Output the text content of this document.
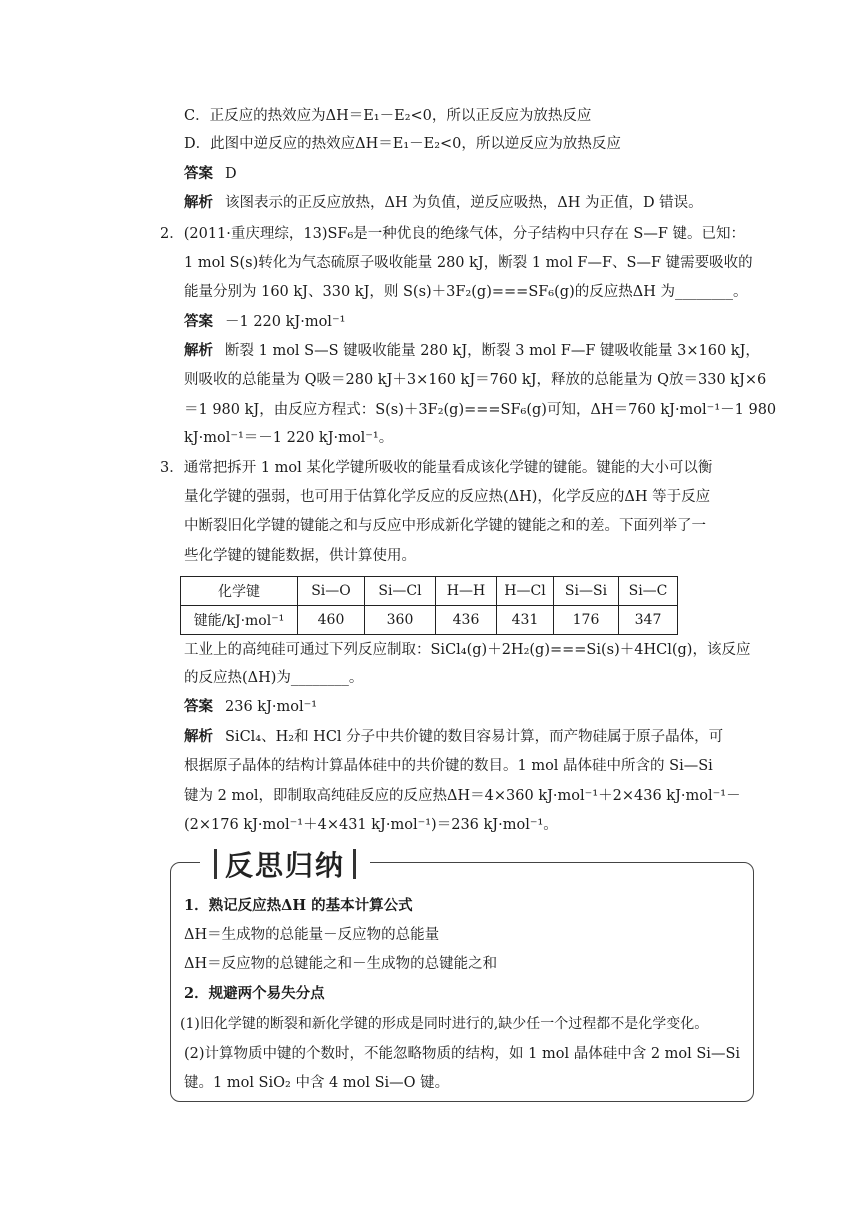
C．正反应的热效应为ΔH＝E₁－E₂<0，所以正反应为放热反应
D．此图中逆反应的热效应ΔH＝E₁－E₂<0，所以逆反应为放热反应
答案 D
解析 该图表示的正反应放热，ΔH 为负值，逆反应吸热，ΔH 为正值，D 错误。
2．(2011·重庆理综，13)SF₆是一种优良的绝缘气体，分子结构中只存在 S—F 键。已知：
1 mol S(s)转化为气态硫原子吸收能量 280 kJ，断裂 1 mol F—F、S—F 键需要吸收的
能量分别为 160 kJ、330 kJ，则 S(s)＋3F₂(g)===SF₆(g)的反应热ΔH 为________。
答案 －1 220 kJ·mol⁻¹
解析 断裂 1 mol S—S 键吸收能量 280 kJ，断裂 3 mol F—F 键吸收能量 3×160 kJ，
则吸收的总能量为 Q吸＝280 kJ＋3×160 kJ＝760 kJ，释放的总能量为 Q放＝330 kJ×6
＝1 980 kJ，由反应方程式：S(s)＋3F₂(g)===SF₆(g)可知，ΔH＝760 kJ·mol⁻¹－1 980
kJ·mol⁻¹＝－1 220 kJ·mol⁻¹。
3．通常把拆开 1 mol 某化学键所吸收的能量看成该化学键的键能。键能的大小可以衡
量化学键的强弱，也可用于估算化学反应的反应热(ΔH)，化学反应的ΔH 等于反应
中断裂旧化学键的键能之和与反应中形成新化学键的键能之和的差。下面列举了一
些化学键的键能数据，供计算使用。
化学键	Si—O	Si—Cl	H—H	H—Cl	Si—Si	Si—C
键能/kJ·mol⁻¹	460	360	436	431	176	347
工业上的高纯硅可通过下列反应制取：SiCl₄(g)＋2H₂(g)===Si(s)＋4HCl(g)，该反应
的反应热(ΔH)为________。
答案 236 kJ·mol⁻¹
解析 SiCl₄、H₂和 HCl 分子中共价键的数目容易计算，而产物硅属于原子晶体，可
根据原子晶体的结构计算晶体硅中的共价键的数目。1 mol 晶体硅中所含的 Si—Si
键为 2 mol，即制取高纯硅反应的反应热ΔH＝4×360 kJ·mol⁻¹＋2×436 kJ·mol⁻¹－
(2×176 kJ·mol⁻¹＋4×431 kJ·mol⁻¹)＝236 kJ·mol⁻¹。
反思归纳
1．熟记反应热ΔH 的基本计算公式
ΔH＝生成物的总能量－反应物的总能量
ΔH＝反应物的总键能之和－生成物的总键能之和
2．规避两个易失分点
(1)旧化学键的断裂和新化学键的形成是同时进行的,缺少任一个过程都不是化学变化。
(2)计算物质中键的个数时，不能忽略物质的结构，如 1 mol 晶体硅中含 2 mol Si—Si
键。1 mol SiO₂ 中含 4 mol Si—O 键。
